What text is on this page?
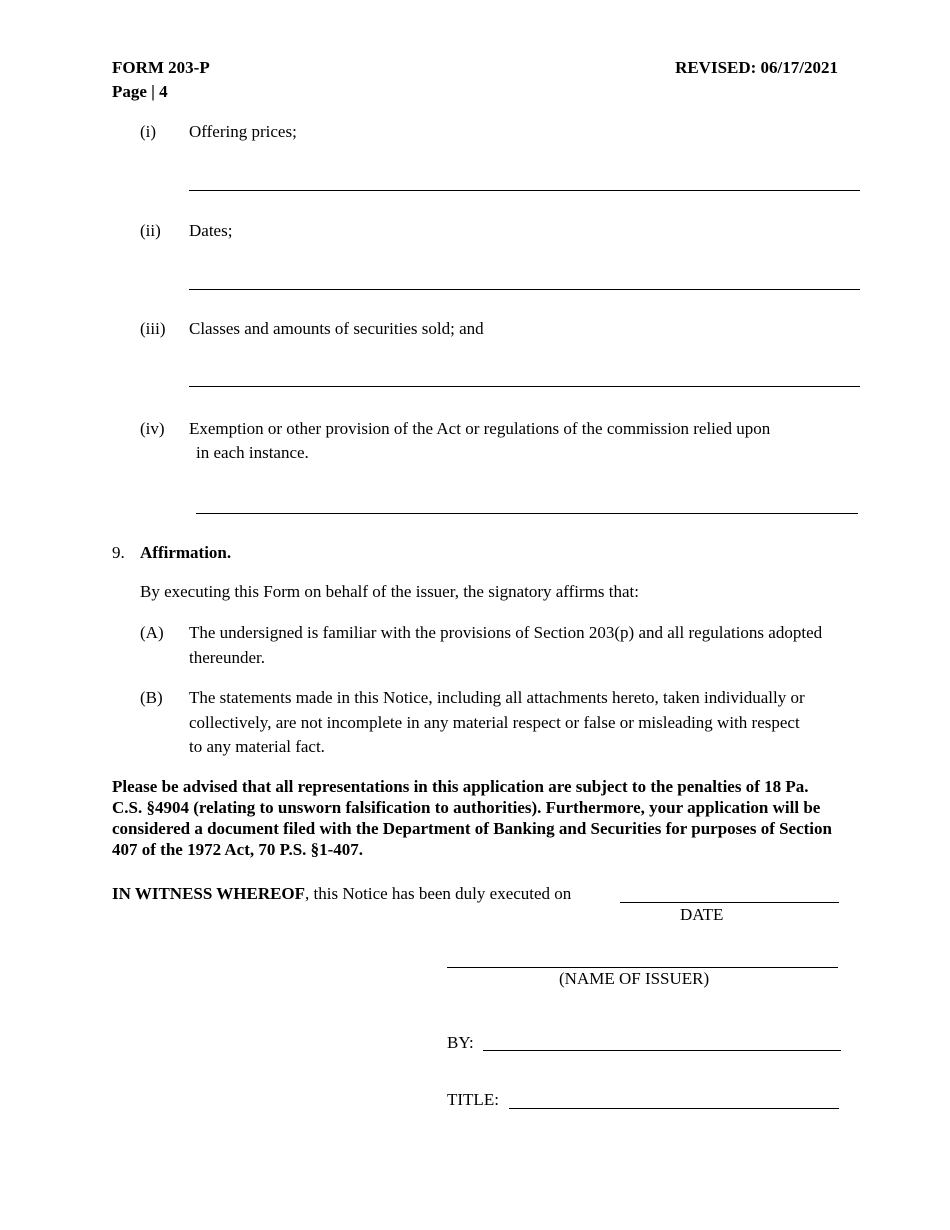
FORM 203-P
Page | 4
REVISED: 06/17/2021
(i) Offering prices;
(ii) Dates;
(iii) Classes and amounts of securities sold; and
(iv) Exemption or other provision of the Act or regulations of the commission relied upon
in each instance.
9. Affirmation.
By executing this Form on behalf of the issuer, the signatory affirms that:
(A) The undersigned is familiar with the provisions of Section 203(p) and all regulations adopted thereunder.
(B) The statements made in this Notice, including all attachments hereto, taken individually or collectively, are not incomplete in any material respect or false or misleading with respect to any material fact.
Please be advised that all representations in this application are subject to the penalties of 18 Pa. C.S. §4904 (relating to unsworn falsification to authorities). Furthermore, your application will be considered a document filed with the Department of Banking and Securities for purposes of Section 407 of the 1972 Act, 70 P.S. §1-407.
IN WITNESS WHEREOF, this Notice has been duly executed on
DATE
(NAME OF ISSUER)
BY:
TITLE:
